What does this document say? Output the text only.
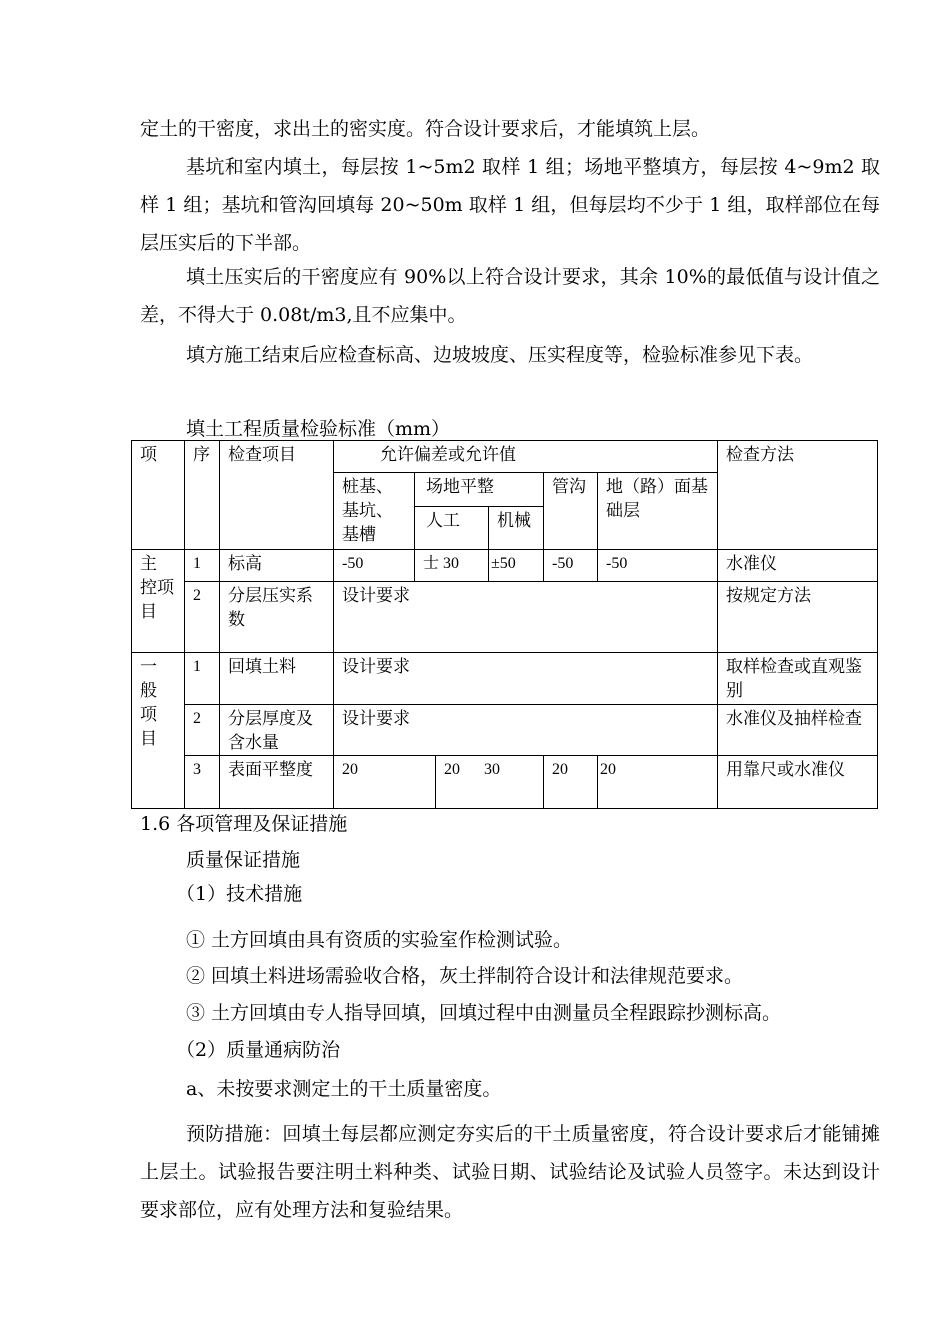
定土的干密度，求出土的密实度。符合设计要求后，才能填筑上层。

基坑和室内填土，每层按 1~5m2 取样 1 组；场地平整填方，每层按 4~9m2 取样 1 组；基坑和管沟回填每 20~50m 取样 1 组，但每层均不少于 1 组，取样部位在每层压实后的下半部。

填土压实后的干密度应有 90%以上符合设计要求，其余 10%的最低值与设计值之差，不得大于 0.08t/m3,且不应集中。

填方施工结束后应检查标高、边坡坡度、压实程度等，检验标准参见下表。

填土工程质量检验标准（mm）
项	序	检查项目	允许偏差或允许值						检查方法
			桩基、基坑、基槽	场地平整			管沟	地（路）面基础层	
				人工		机械			
主 控项目	1	标高	-50	士 30		±50	-50	-50	水准仪
	2	分层压实系数	设计要求						按规定方法
一 般 项 目	1	回填土料	设计要求						取样检查或直观鉴别
	2	分层厚度及含水量	设计要求						水准仪及抽样检查
	3	表面平整度	20		20      30		20	20	用靠尺或水准仪
1.6 各项管理及保证措施
质量保证措施
（1）技术措施
① 土方回填由具有资质的实验室作检测试验。
② 回填土料进场需验收合格，灰土拌制符合设计和法律规范要求。
③ 土方回填由专人指导回填，回填过程中由测量员全程跟踪抄测标高。
（2）质量通病防治
a、未按要求测定土的干土质量密度。

预防措施：回填土每层都应测定夯实后的干土质量密度，符合设计要求后才能铺摊上层土。试验报告要注明土料种类、试验日期、试验结论及试验人员签字。未达到设计要求部位，应有处理方法和复验结果。
